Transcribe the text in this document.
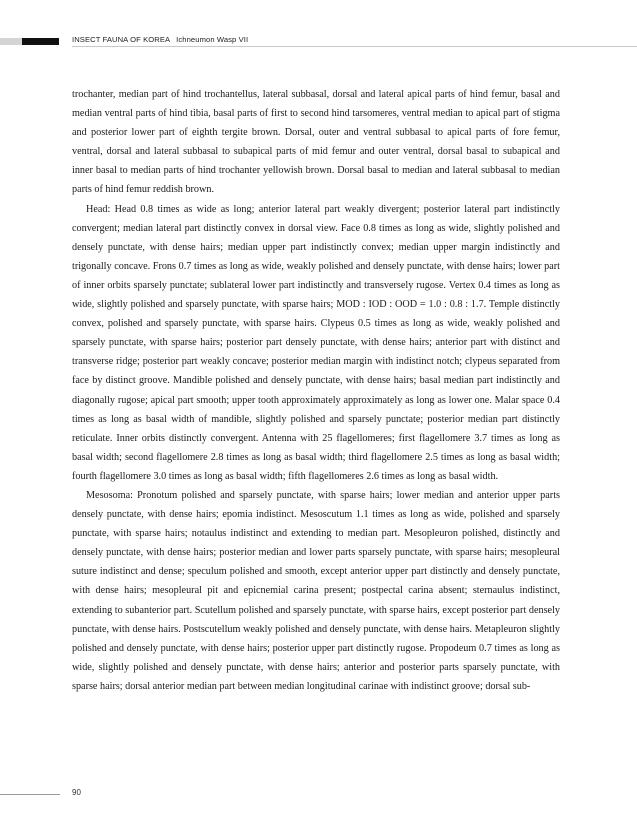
INSECT FAUNA OF KOREA Ichneumon Wasp VII

trochanter, median part of hind trochantellus, lateral subbasal, dorsal and lateral apical parts of hind femur, basal and median ventral parts of hind tibia, basal parts of first to second hind tarsomeres, ventral median to apical part of stigma and posterior lower part of eighth tergite brown. Dorsal, outer and ventral subbasal to apical parts of fore femur, ventral, dorsal and lateral subbasal to subapical parts of mid femur and outer ventral, dorsal basal to subapical and inner basal to median parts of hind trochanter yellowish brown. Dorsal basal to median and lateral subbasal to median parts of hind femur reddish brown.

Head: Head 0.8 times as wide as long; anterior lateral part weakly divergent; posterior lateral part indistinctly convergent; median lateral part distinctly convex in dorsal view. Face 0.8 times as long as wide, slightly polished and densely punctate, with dense hairs; median upper part indistinctly convex; median upper margin indistinctly and trigonally concave. Frons 0.7 times as long as wide, weakly polished and densely punctate, with dense hairs; lower part of inner orbits sparsely punctate; sublateral lower part indistinctly and transversely rugose. Vertex 0.4 times as long as wide, slightly polished and sparsely punctate, with sparse hairs; MOD : IOD : OOD = 1.0 : 0.8 : 1.7. Temple distinctly convex, polished and sparsely punctate, with sparse hairs. Clypeus 0.5 times as long as wide, weakly polished and sparsely punctate, with sparse hairs; posterior part densely punctate, with dense hairs; anterior part with distinct and transverse ridge; posterior part weakly concave; posterior median margin with indistinct notch; clypeus separated from face by distinct groove. Mandible polished and densely punctate, with dense hairs; basal median part indistinctly and diagonally rugose; apical part smooth; upper tooth approximately approximately as long as lower one. Malar space 0.4 times as long as basal width of mandible, slightly polished and sparsely punctate; posterior median part distinctly reticulate. Inner orbits distinctly convergent. Antenna with 25 flagellomeres; first flagellomere 3.7 times as long as basal width; second flagellomere 2.8 times as long as basal width; third flagellomere 2.5 times as long as basal width; fourth flagellomere 3.0 times as long as basal width; fifth flagellomeres 2.6 times as long as basal width.

Mesosoma: Pronotum polished and sparsely punctate, with sparse hairs; lower median and anterior upper parts densely punctate, with dense hairs; epomia indistinct. Mesoscutum 1.1 times as long as wide, polished and sparsely punctate, with sparse hairs; notaulus indistinct and extending to median part. Mesopleuron polished, distinctly and densely punctate, with dense hairs; posterior median and lower parts sparsely punctate, with sparse hairs; mesopleural suture indistinct and dense; speculum polished and smooth, except anterior upper part distinctly and densely punctate, with dense hairs; mesopleural pit and epicnemial carina present; postpectal carina absent; sternaulus indistinct, extending to subanterior part. Scutellum polished and sparsely punctate, with sparse hairs, except posterior part densely punctate, with dense hairs. Postscutellum weakly polished and densely punctate, with dense hairs. Metapleuron slightly polished and densely punctate, with dense hairs; posterior upper part distinctly rugose. Propodeum 0.7 times as long as wide, slightly polished and densely punctate, with dense hairs; anterior and posterior parts sparsely punctate, with sparse hairs; dorsal anterior median part between median longitudinal carinae with indistinct groove; dorsal sub-

90
